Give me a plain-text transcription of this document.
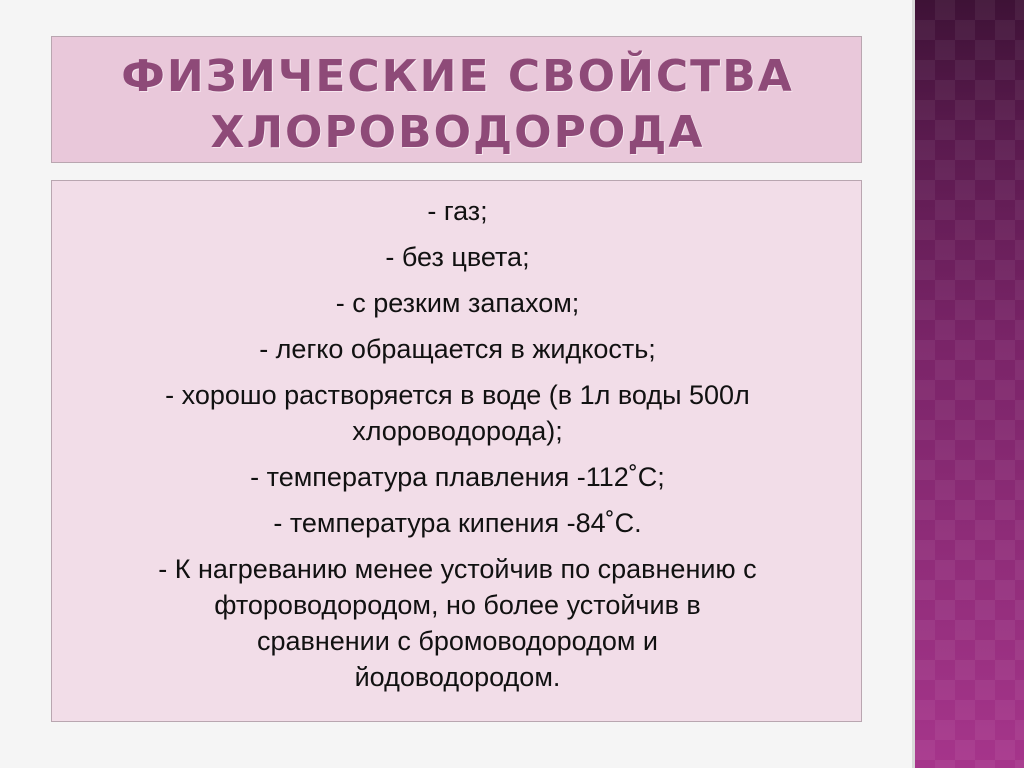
ФИЗИЧЕСКИЕ СВОЙСТВА
ХЛОРОВОДОРОДА
- газ;
- без цвета;
- с резким запахом;
- легко обращается в жидкость;
- хорошо растворяется в воде (в 1л воды 500л
хлороводорода);
- температура плавления -112˚С;
- температура кипения -84˚С.
- К нагреванию менее устойчив по сравнению с
фтороводородом, но более устойчив в
сравнении с бромоводородом и
йодоводородом.
